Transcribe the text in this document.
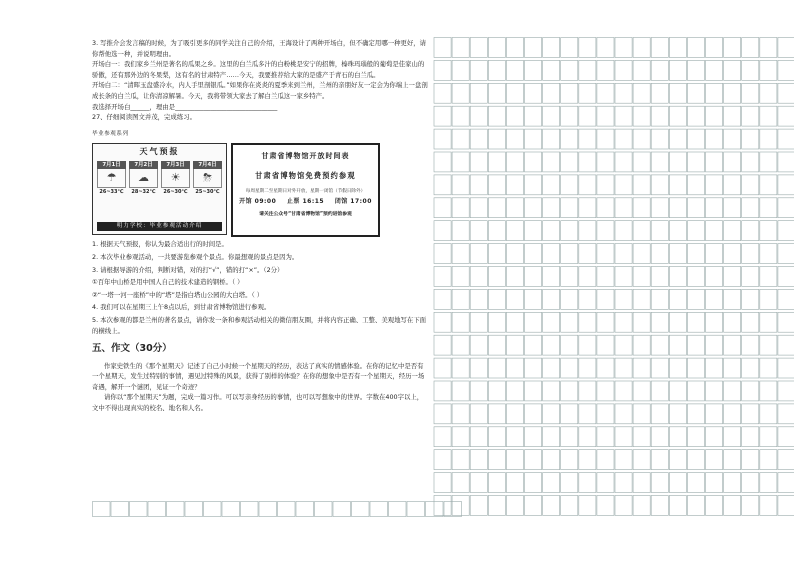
3. 写推介会发言稿的时候，为了吸引更多的同学关注自己的介绍，王海设计了两种开场白，但不确定用哪一种更好，请你帮他选一种，并说明理由。

开场白一：我们家乡兰州是著名的瓜果之乡。这里的白兰瓜多汁的白粉桃是安宁的招牌，榛珠玛瑙般的葡萄是佳家山的骄傲，还有那外边的冬果梨，这有名的甘肃特产……今天，我要推荐给大家的是盛产于青石的白兰瓜。

开场白二：“清晖玉盘盛冷水，内人手里剖银瓜。”如果你在炎炎的夏季来到兰州，兰州的亲朋好友一定会为你端上一盘剖成长条的白兰瓜，让你清凉解暑。今天，我将带领大家去了解白兰瓜这一家乡特产。

我选择开场白______，理由是________________________________

27、仔细阅读图文并茂，完成练习。

毕业参观系列

天气预报
7月1日
☂
26~33℃
7月2日
☁
28~32℃
7月3日
☀
26~30℃
7月4日
⛈
25~30℃
明力学校：毕业参观活动介绍
甘肃省博物馆开放时间表
甘肃省博物馆免费预约参观
每周星期二至星期日对外开放，星期一闭馆（节假日除外）
开馆 09:00 止票 16:15 闭馆 17:00
请关注公众号“甘肃省博物馆”预约进馆参观

1. 根据天气预报，你认为最合适出行的时间是。

2. 本次毕业参观活动，一共要游览参观个景点。你最想观的景点是因为。

3. 请根据导游的介绍，判断对错，对的打“√”，错的打“×”。（2分）

①百年中山桥是用中国人自己的技术建造的钢桥。（ ）

②“一塔一河一座桥”中的“塔”是指白塔山公园的大白塔。（ ）

4. 我们可以在星期三上午8点以后，到甘肃省博物馆进行参观。

5. 本次参观的都是兰州的著名景点，请你发一条和参观活动相关的微信朋友圈，并将内容正确、工整、美观地写在下面的横线上。

五、作文（30分）

作家史铁生的《那个星期天》记述了自己小时候一个星期天的经历，表达了真实的情感体验。在你的记忆中是否有一个星期天，发生过特别的事情，遇见过特殊的风景，获得了别样的体验？在你的想象中是否有一个星期天，经历一场奇遇，解开一个谜团，见证一个奇迹？

请你以“那个星期天”为题，完成一篇习作。可以写亲身经历的事情，也可以写想象中的世界。字数在400字以上，文中不得出现真实的校名、地名和人名。
